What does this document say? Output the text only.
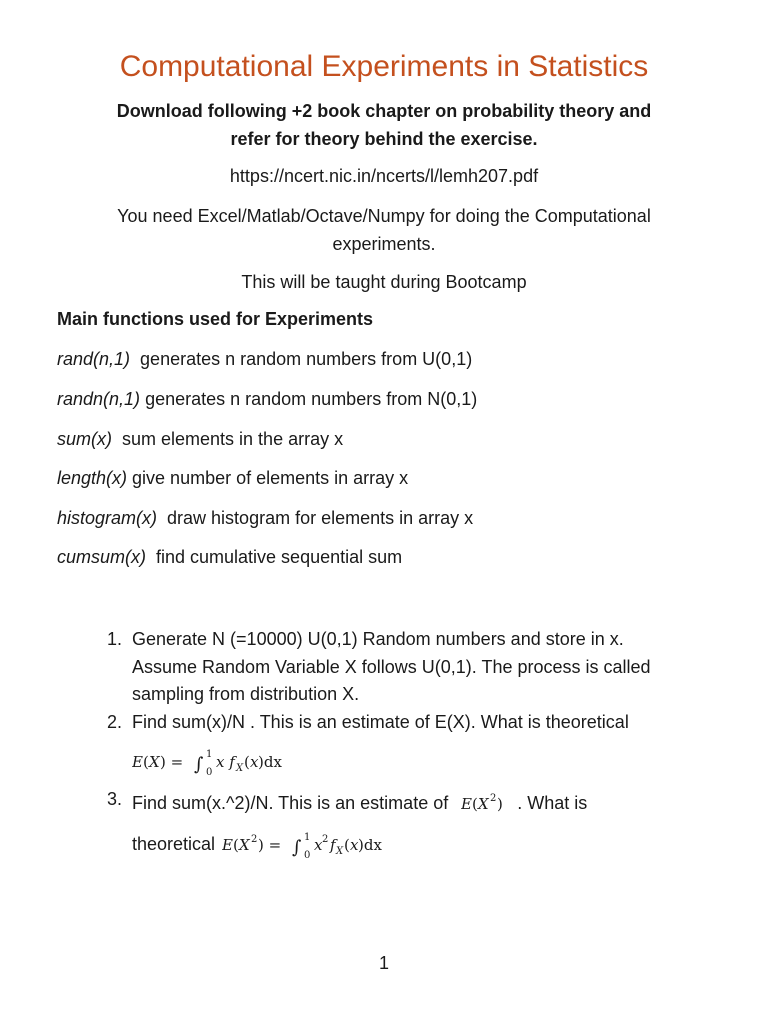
Computational Experiments in Statistics
Download following +2 book chapter on probability theory and
refer for theory behind the exercise.
https://ncert.nic.in/ncerts/l/lemh207.pdf
You need Excel/Matlab/Octave/Numpy for doing the Computational
experiments.
This will be taught during Bootcamp
Main functions used for Experiments
rand(n,1)  generates n random numbers from U(0,1)
randn(n,1) generates n random numbers from N(0,1)
sum(x)  sum elements in the array x
length(x) give number of elements in array x
histogram(x)  draw histogram for elements in array x
cumsum(x)  find cumulative sequential sum
1. Generate N (=10000) U(0,1) Random numbers and store in x.
Assume Random Variable X follows U(0,1). The process is called
sampling from distribution X.
2. Find sum(x)/N . This is an estimate of E(X). What is theoretical
E ( X ) = ∫ 1
0
x f X ( x )dx
3. Find sum(x.^2)/N. This is an estimate of E ( X 2 ) . What is
theoretical E ( X 2 ) = ∫ 1
0
x 2 f X ( x )dx
1
